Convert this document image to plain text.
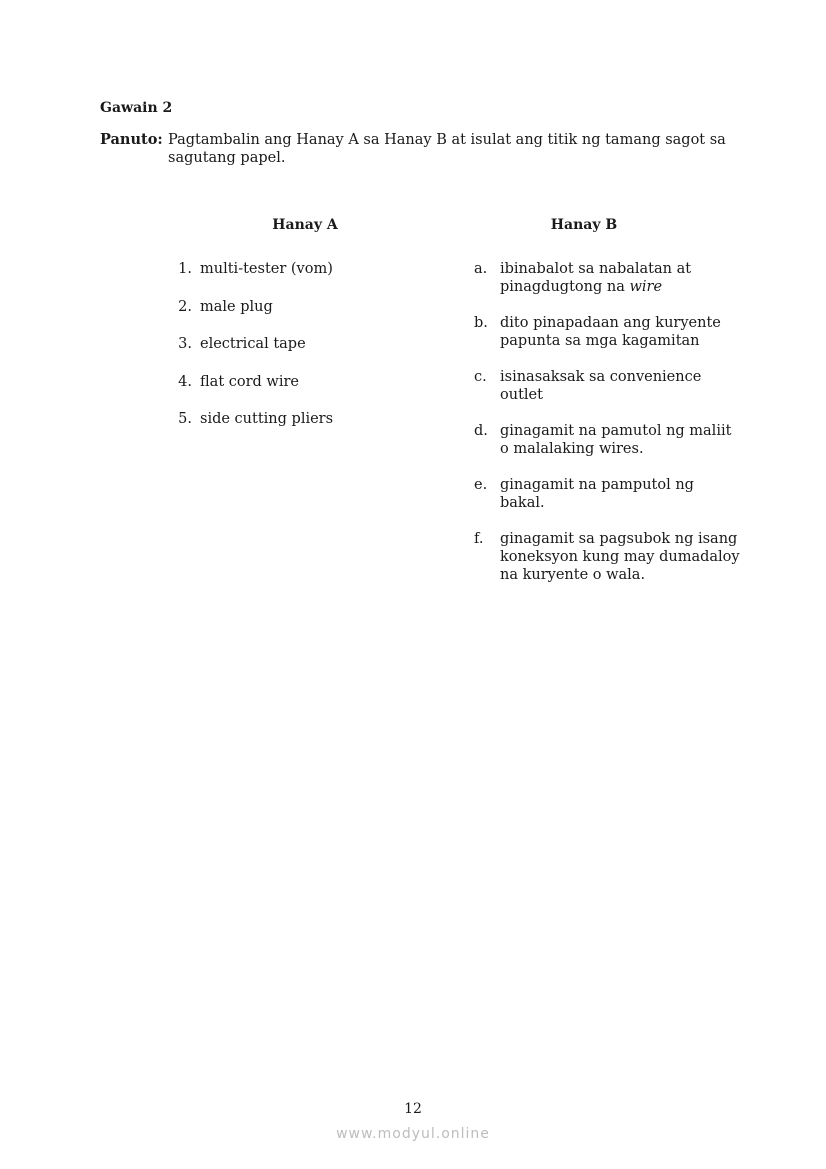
Gawain 2
Panuto: Pagtambalin ang Hanay A sa Hanay B at isulat ang titik ng tamang sagot sa sagutang papel.
Hanay A	Hanay B
1. multi-tester (vom)
2. male plug
3. electrical tape
4. flat cord wire
5. side cutting pliers
a. ibinabalot sa nabalatan at pinagdugtong na wire
b. dito pinapadaan ang kuryente papunta sa mga kagamitan
c. isinasaksak sa convenience outlet
d. ginagamit na pamutol ng maliit o malalaking wires.
e. ginagamit na pamputol ng bakal.
f. ginagamit sa pagsubok ng isang koneksyon kung may dumadaloy na kuryente o wala.
12
www.modyul.online
